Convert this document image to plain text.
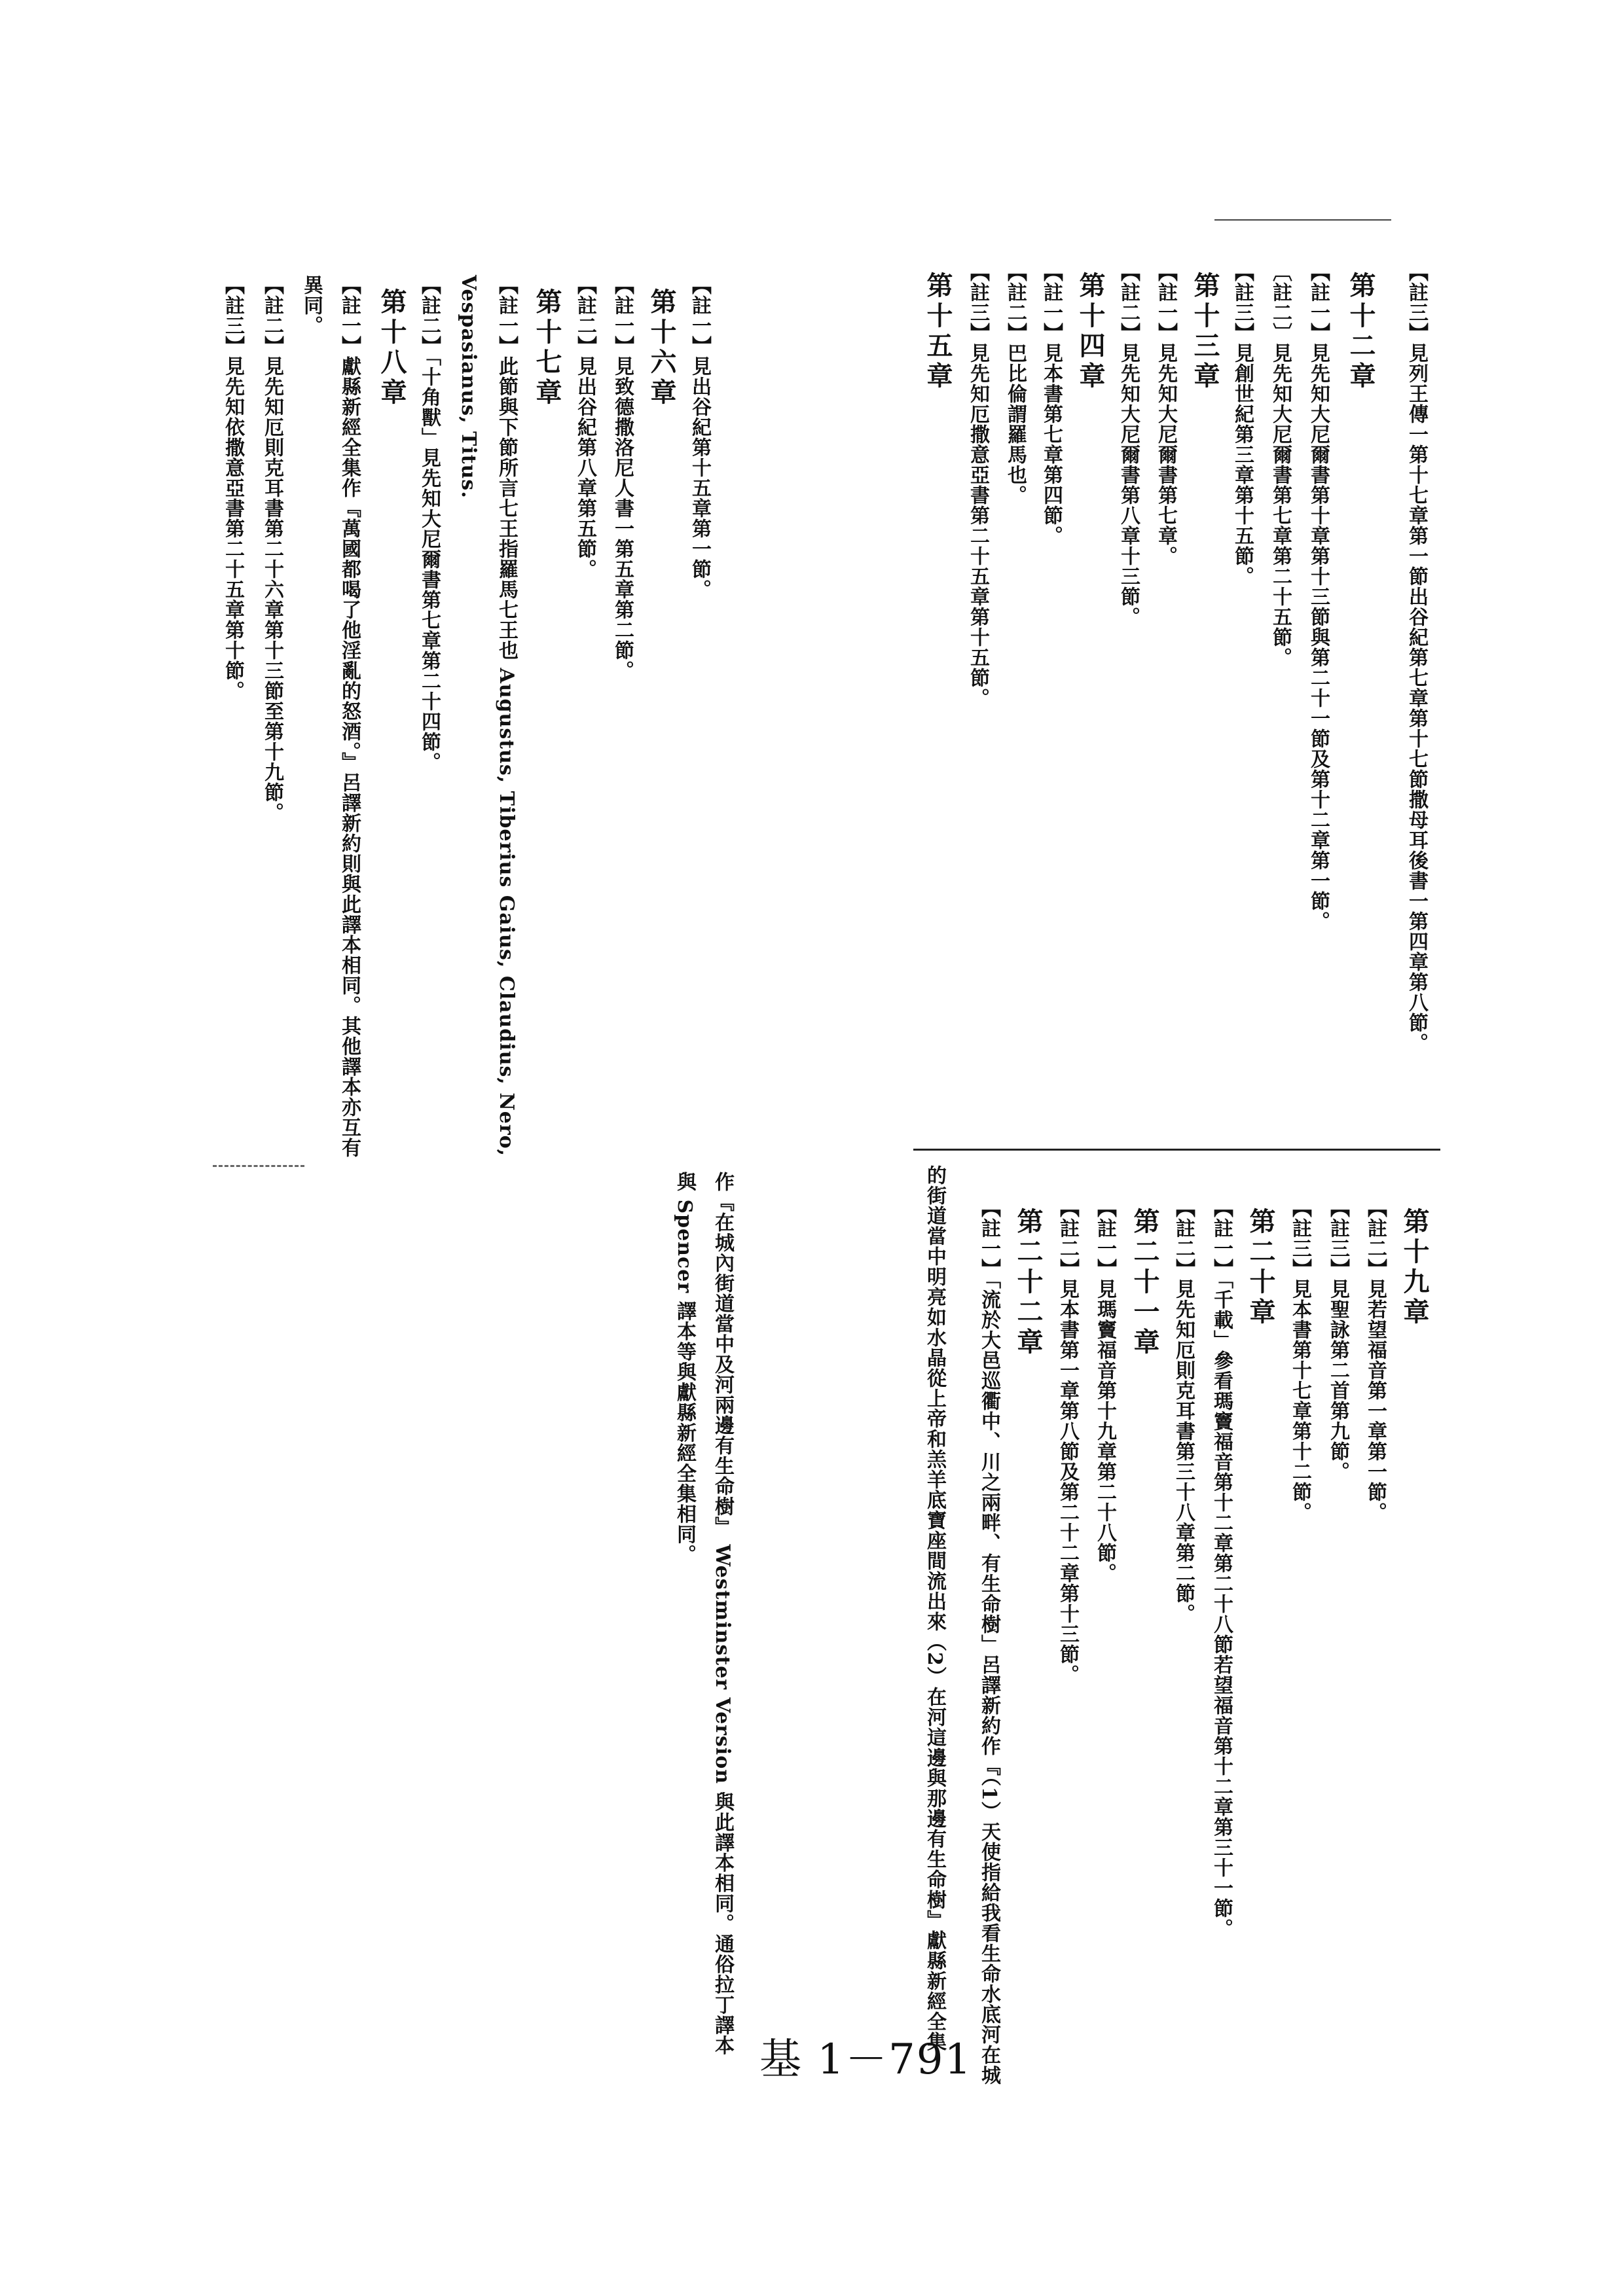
【註三】見列王傳一第十七章第一節出谷紀第七章第十七節撒母耳後書一第四章第八節。
第十二章
【註一】見先知大尼爾書第十章第十三節與第二十一節及第十二章第一節。
〔註二〕見先知大尼爾書第七章第二十五節。
【註三】見創世紀第三章第十五節。
第十三章
【註一】見先知大尼爾書第七章。
【註二】見先知大尼爾書第八章十三節。
第十四章
【註一】見本書第七章第四節。
【註二】巴比倫謂羅馬也。
【註三】見先知厄撒意亞書第二十五章第十五節。
第十五章
【註一】見出谷紀第十五章第一節。
第十六章
【註一】見致德撒洛尼人書一第五章第二節。
【註二】見出谷紀第八章第五節。
第十七章
【註一】此節與下節所言七王指羅馬七王也 Augustus, Tiberius Gaius, Claudius, Nero,
Vespasianus, Titus.
【註二】「十角獸」見先知大尼爾書第七章第二十四節。
第十八章
【註一】獻縣新經全集作『萬國都喝了他淫亂的怒酒。』呂譯新約則與此譯本相同。其他譯本亦互有
異同。
【註二】見先知厄則克耳書第二十六章第十三節至第十九節。
【註三】見先知依撒意亞書第二十五章第十節。
第十九章
【註二】見若望福音第一章第一節。
【註三】見聖詠第二首第九節。
【註三】見本書第十七章第十二節。
第二十章
【註一】「千載」參看瑪竇福音第十二章第二十八節若望福音第十二章第三十一節。
【註二】見先知厄則克耳書第三十八章第二節。
第二十一章
【註一】見瑪竇福音第十九章第二十八節。
【註二】見本書第一章第八節及第二十二章第十三節。
第二十二章
【註一】「流於大邑巡衢中、川之兩畔、有生命樹」呂譯新約作『（1）天使指給我看生命水底河在城
的街道當中明亮如水晶從上帝和羔羊底寶座間流出來（2）在河這邊與那邊有生命樹』獻縣新經全集
作『在城內街道當中及河兩邊有生命樹』 Westminster Version 與此譯本相同。通俗拉丁譯本
與 Spencer 譯本等與獻縣新經全集相同。
基 1－791
